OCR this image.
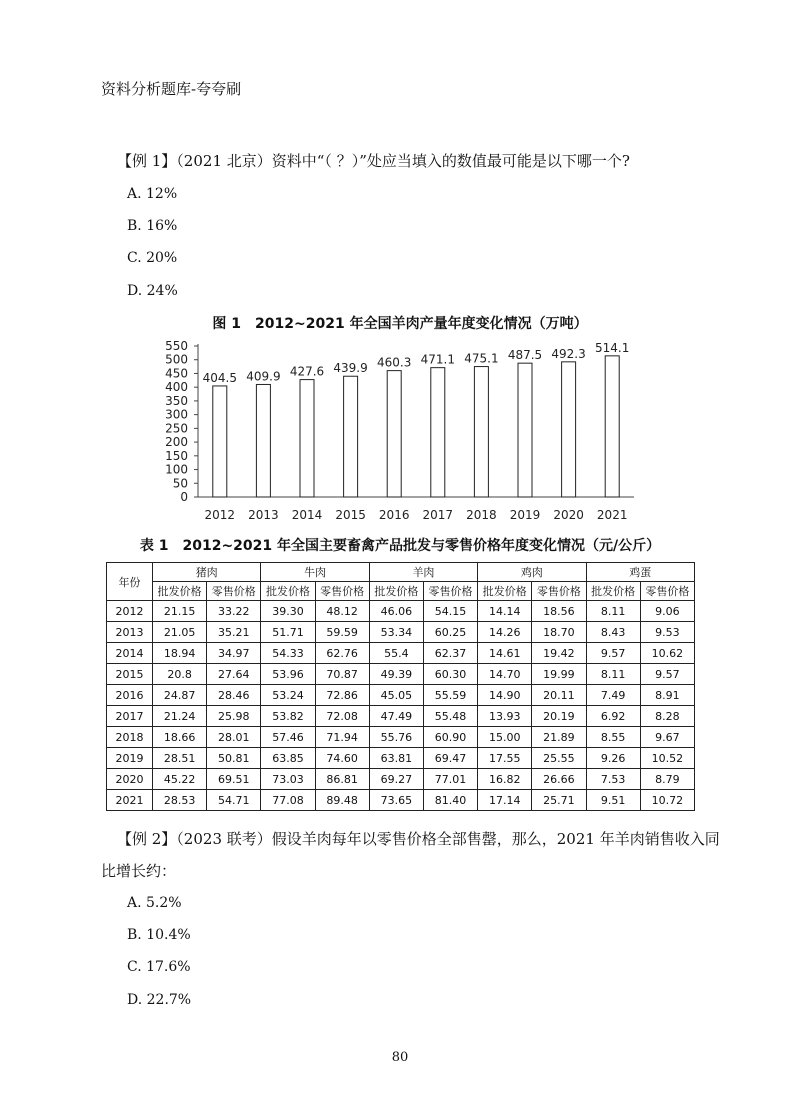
资料分析题库-夸夸刷
【例 1】（2021 北京）资料中“（ ？）”处应当填入的数值最可能是以下哪一个?
A. 12%
B. 16%
C. 20%
D. 24%
图 1　2012~2021 年全国羊肉产量年度变化情况（万吨）
0
50
100
150
200
250
300
350
400
450
500
550
404.5 409.9 427.6 439.9 460.3 471.1 475.1 487.5 492.3 514.1
2012 2013 2014 2015 2016 2017 2018 2019 2020 2021
表 1　2012~2021 年全国主要畜禽产品批发与零售价格年度变化情况（元/公斤）
年份	猪肉		牛肉		羊肉		鸡肉		鸡蛋	
	批发价格	零售价格	批发价格	零售价格	批发价格	零售价格	批发价格	零售价格	批发价格	零售价格
2012	21.15	33.22	39.30	48.12	46.06	54.15	14.14	18.56	8.11	9.06
2013	21.05	35.21	51.71	59.59	53.34	60.25	14.26	18.70	8.43	9.53
2014	18.94	34.97	54.33	62.76	55.4	62.37	14.61	19.42	9.57	10.62
2015	20.8	27.64	53.96	70.87	49.39	60.30	14.70	19.99	8.11	9.57
2016	24.87	28.46	53.24	72.86	45.05	55.59	14.90	20.11	7.49	8.91
2017	21.24	25.98	53.82	72.08	47.49	55.48	13.93	20.19	6.92	8.28
2018	18.66	28.01	57.46	71.94	55.76	60.90	15.00	21.89	8.55	9.67
2019	28.51	50.81	63.85	74.60	63.81	69.47	17.55	25.55	9.26	10.52
2020	45.22	69.51	73.03	86.81	69.27	77.01	16.82	26.66	7.53	8.79
2021	28.53	54.71	77.08	89.48	73.65	81.40	17.14	25.71	9.51	10.72
【例 2】（2023 联考）假设羊肉每年以零售价格全部售罄，那么，2021 年羊肉销售收入同
比增长约：
A. 5.2%
B. 10.4%
C. 17.6%
D. 22.7%
80
